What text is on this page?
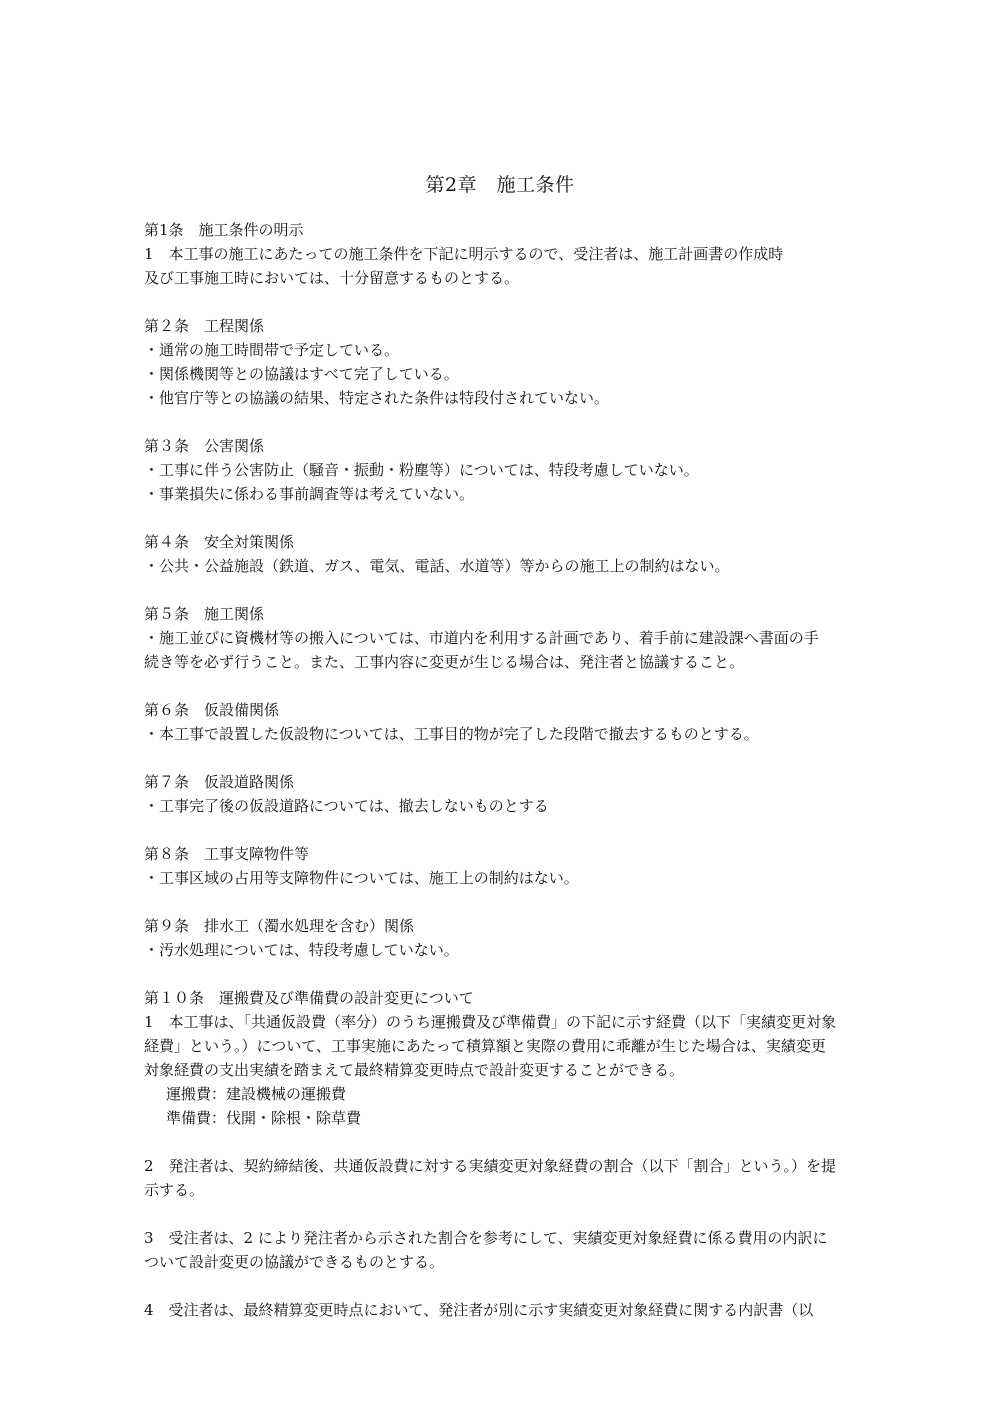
第2章　施工条件
第1条　施工条件の明示
1　本工事の施工にあたっての施工条件を下記に明示するので、受注者は、施工計画書の作成時
及び工事施工時においては、十分留意するものとする。
第２条　工程関係
・通常の施工時間帯で予定している。
・関係機関等との協議はすべて完了している。
・他官庁等との協議の結果、特定された条件は特段付されていない。
第３条　公害関係
・工事に伴う公害防止（騒音・振動・粉塵等）については、特段考慮していない。
・事業損失に係わる事前調査等は考えていない。
第４条　安全対策関係
・公共・公益施設（鉄道、ガス、電気、電話、水道等）等からの施工上の制約はない。
第５条　施工関係
・施工並びに資機材等の搬入については、市道内を利用する計画であり、着手前に建設課へ書面の手
続き等を必ず行うこと。また、工事内容に変更が生じる場合は、発注者と協議すること。
第６条　仮設備関係
・本工事で設置した仮設物については、工事目的物が完了した段階で撤去するものとする。
第７条　仮設道路関係
・工事完了後の仮設道路については、撤去しないものとする
第８条　工事支障物件等
・工事区域の占用等支障物件については、施工上の制約はない。
第９条　排水工（濁水処理を含む）関係
・汚水処理については、特段考慮していない。
第１０条　運搬費及び準備費の設計変更について
1　本工事は、「共通仮設費（率分）のうち運搬費及び準備費」の下記に示す経費（以下「実績変更対象
経費」という。）について、工事実施にあたって積算額と実際の費用に乖離が生じた場合は、実績変更
対象経費の支出実績を踏まえて最終精算変更時点で設計変更することができる。
運搬費：建設機械の運搬費
準備費：伐開・除根・除草費
2　発注者は、契約締結後、共通仮設費に対する実績変更対象経費の割合（以下「割合」という。）を提
示する。
3　受注者は、2 により発注者から示された割合を参考にして、実績変更対象経費に係る費用の内訳に
ついて設計変更の協議ができるものとする。
4　受注者は、最終精算変更時点において、発注者が別に示す実績変更対象経費に関する内訳書（以
